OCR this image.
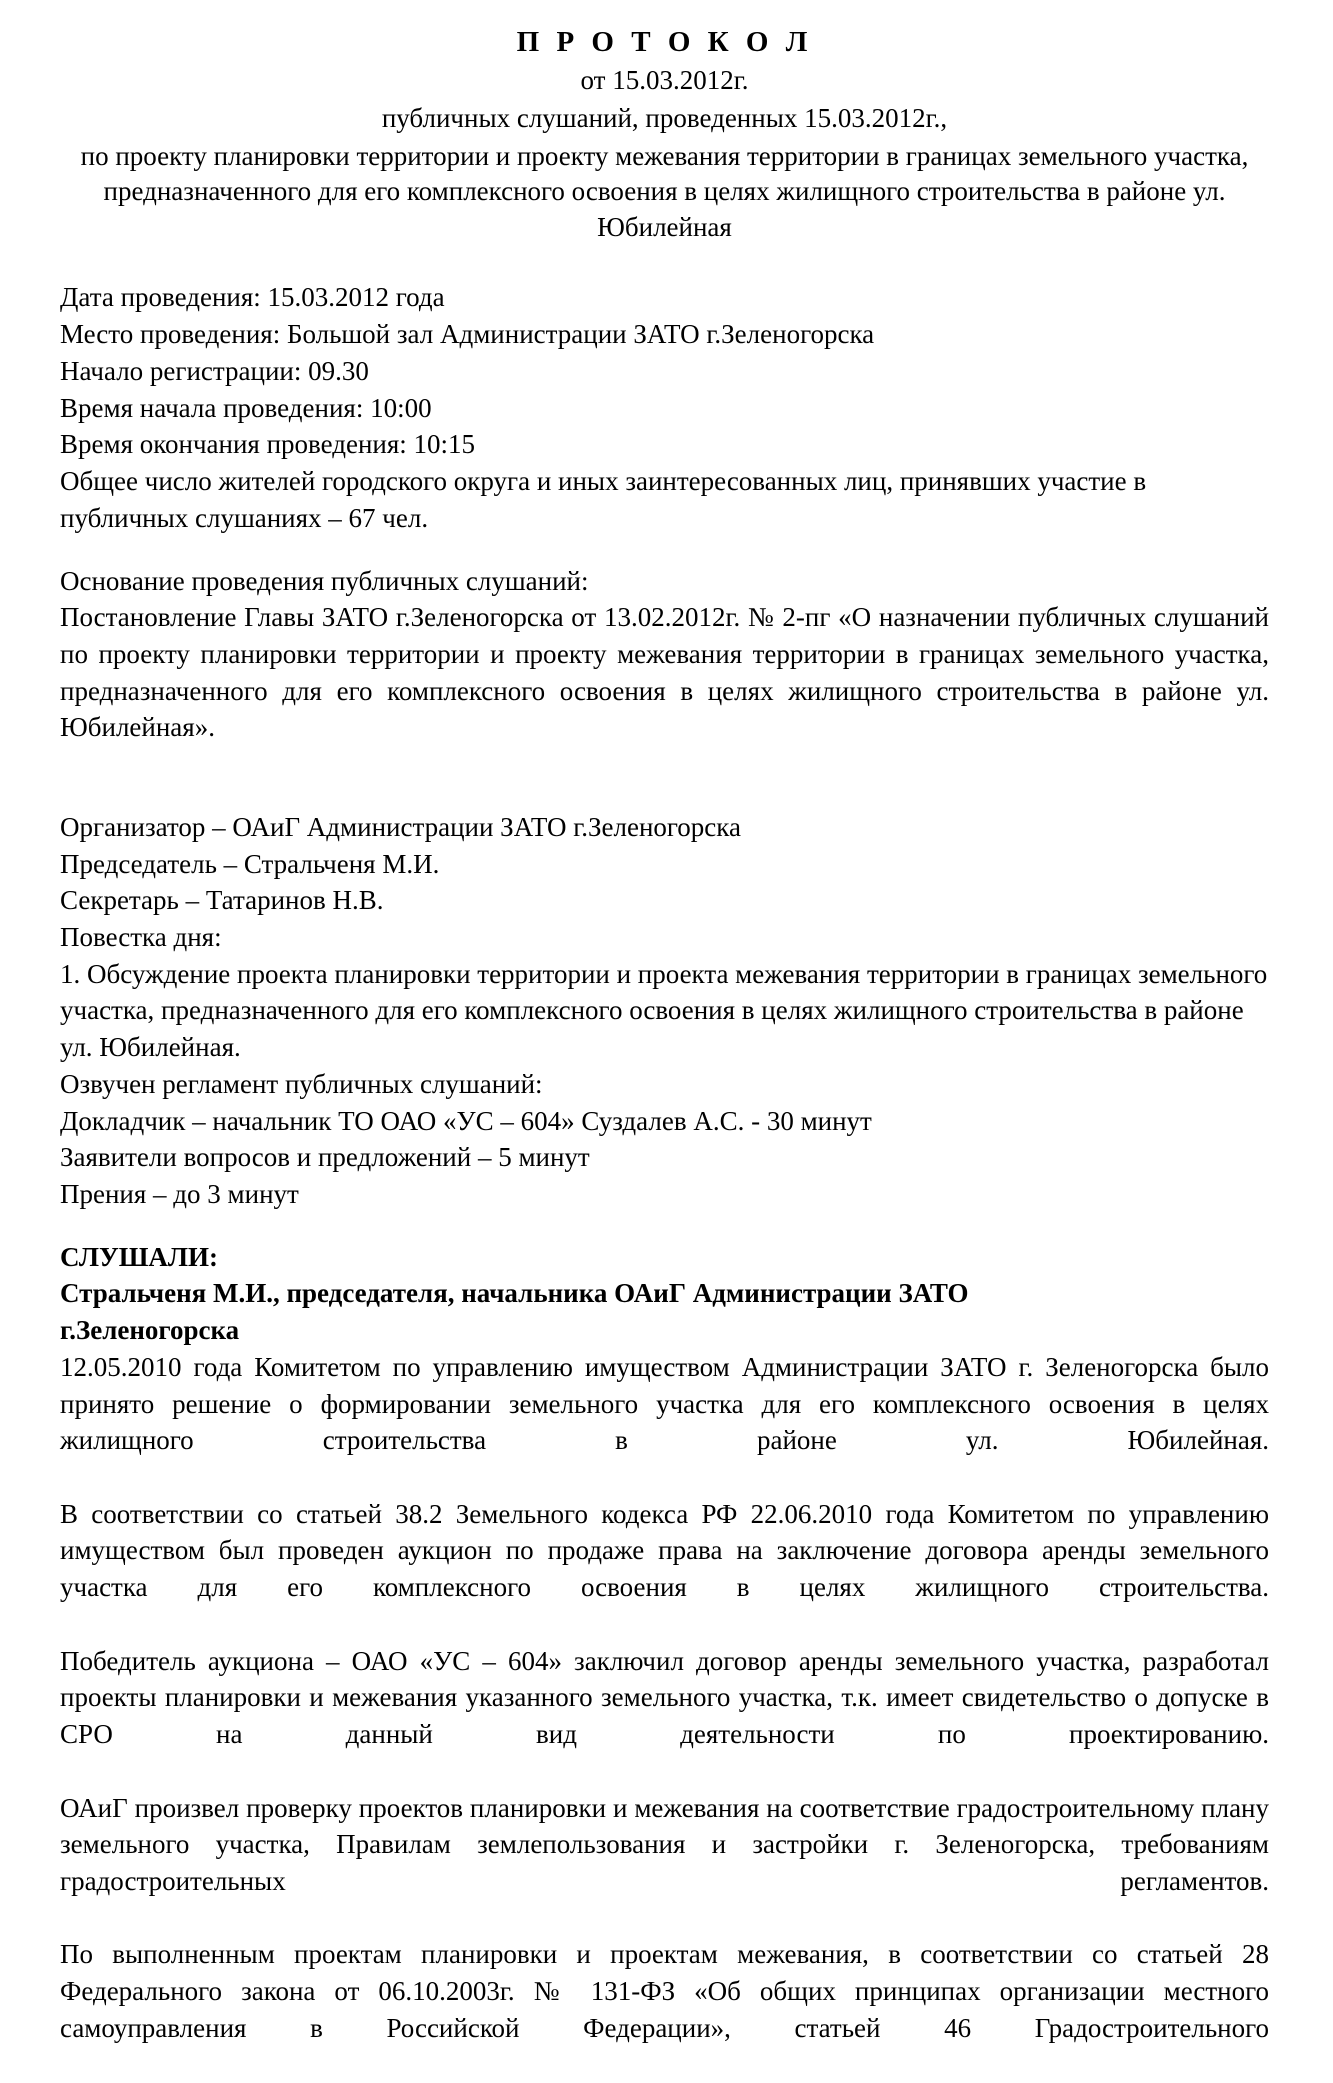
П Р О Т О К О Л
от 15.03.2012г.
публичных слушаний, проведенных 15.03.2012г.,
по проекту планировки территории и проекту межевания территории в границах земельного участка, предназначенного для его комплексного освоения в целях жилищного строительства в районе ул. Юбилейная
Дата проведения: 15.03.2012 года
Место проведения: Большой зал Администрации ЗАТО г.Зеленогорска
Начало регистрации: 09.30
Время начала проведения: 10:00
Время окончания проведения: 10:15
Общее число жителей городского округа и иных заинтересованных лиц, принявших участие в публичных слушаниях – 67 чел.
Основание проведения публичных слушаний:
Постановление Главы ЗАТО г.Зеленогорска от 13.02.2012г. № 2-пг «О назначении публичных слушаний по проекту планировки территории и проекту межевания территории в границах земельного участка, предназначенного для его комплексного освоения в целях жилищного строительства в районе ул. Юбилейная».
Организатор – ОАиГ Администрации ЗАТО г.Зеленогорска
Председатель – Стральченя М.И.
Секретарь – Татаринов Н.В.
Повестка дня:
1. Обсуждение проекта планировки территории и проекта межевания территории в границах земельного участка, предназначенного для его комплексного освоения в целях жилищного строительства в районе ул. Юбилейная.
Озвучен регламент публичных слушаний:
Докладчик – начальник ТО ОАО «УС – 604» Суздалев А.С. - 30 минут
Заявители вопросов и предложений – 5 минут
Прения – до 3 минут
СЛУШАЛИ:
Стральченя М.И., председателя, начальника ОАиГ Администрации ЗАТО
г.Зеленогорска
12.05.2010 года Комитетом по управлению имуществом Администрации ЗАТО г. Зеленогорска было принято решение о формировании земельного участка для его комплексного освоения в целях жилищного строительства в районе ул. Юбилейная.
В соответствии со статьей 38.2 Земельного кодекса РФ 22.06.2010 года Комитетом по управлению имуществом был проведен аукцион по продаже права на заключение договора аренды земельного участка для его комплексного освоения в целях жилищного строительства.
Победитель аукциона – ОАО «УС – 604» заключил договор аренды земельного участка, разработал проекты планировки и межевания указанного земельного участка, т.к. имеет свидетельство о допуске в СРО на данный вид деятельности по проектированию.
ОАиГ произвел проверку проектов планировки и межевания на соответствие градостроительному плану земельного участка, Правилам землепользования и застройки г. Зеленогорска, требованиям градостроительных регламентов.
По выполненным проектам планировки и проектам межевания, в соответствии со статьей 28 Федерального закона от 06.10.2003г. № 131-ФЗ «Об общих принципах организации местного самоуправления в Российской Федерации», статьей 46 Градостроительного
